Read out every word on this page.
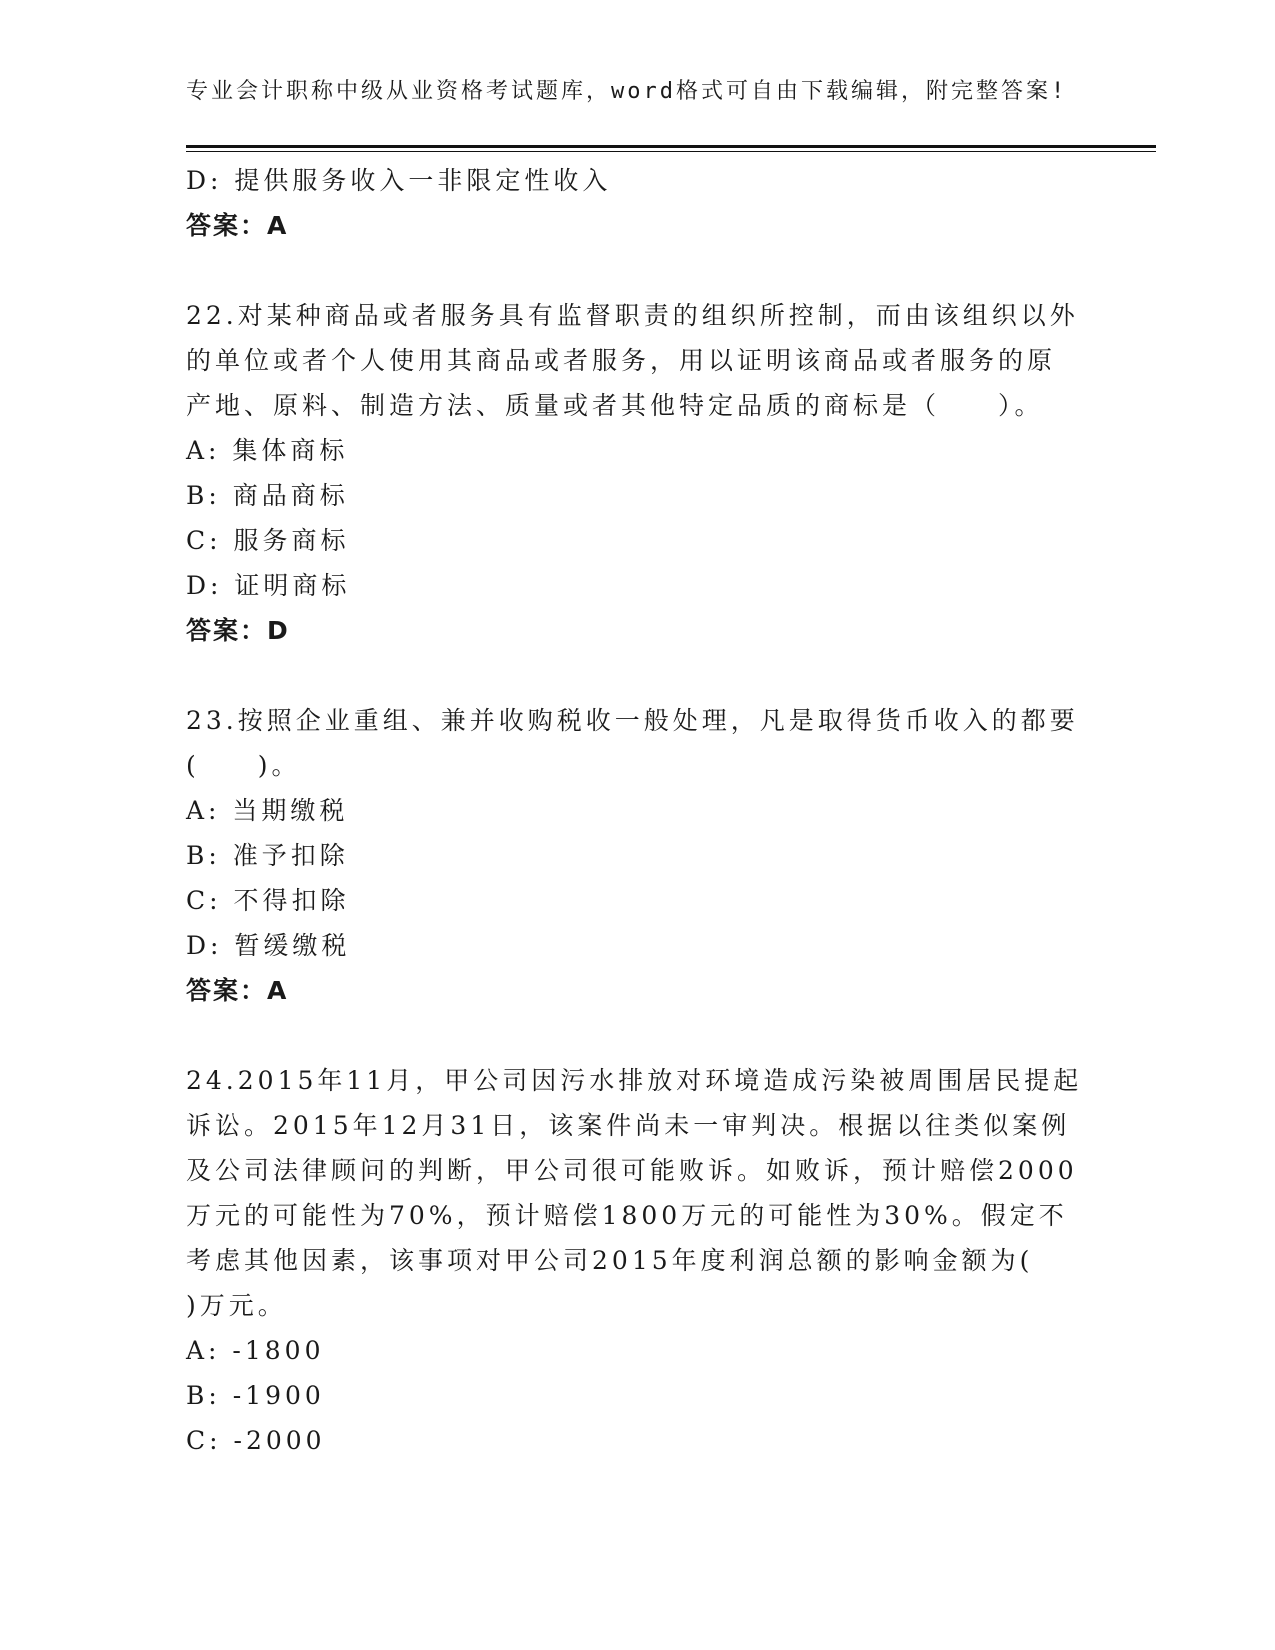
专业会计职称中级从业资格考试题库，word格式可自由下载编辑，附完整答案!

D: 提供服务收入一非限定性收入

答案：A

22.对某种商品或者服务具有监督职责的组织所控制，而由该组织以外

的单位或者个人使用其商品或者服务，用以证明该商品或者服务的原

产地、原料、制造方法、质量或者其他特定品质的商标是（　　）。

A: 集体商标

B: 商品商标

C: 服务商标

D: 证明商标

答案：D

23.按照企业重组、兼并收购税收一般处理，凡是取得货币收入的都要

(　　)。

A: 当期缴税

B: 准予扣除

C: 不得扣除

D: 暂缓缴税

答案：A

24.2015年11月，甲公司因污水排放对环境造成污染被周围居民提起

诉讼。2015年12月31日，该案件尚未一审判决。根据以往类似案例

及公司法律顾问的判断，甲公司很可能败诉。如败诉，预计赔偿2000

万元的可能性为70%，预计赔偿1800万元的可能性为30%。假定不

考虑其他因素，该事项对甲公司2015年度利润总额的影响金额为(

)万元。

A: -1800

B: -1900

C: -2000
